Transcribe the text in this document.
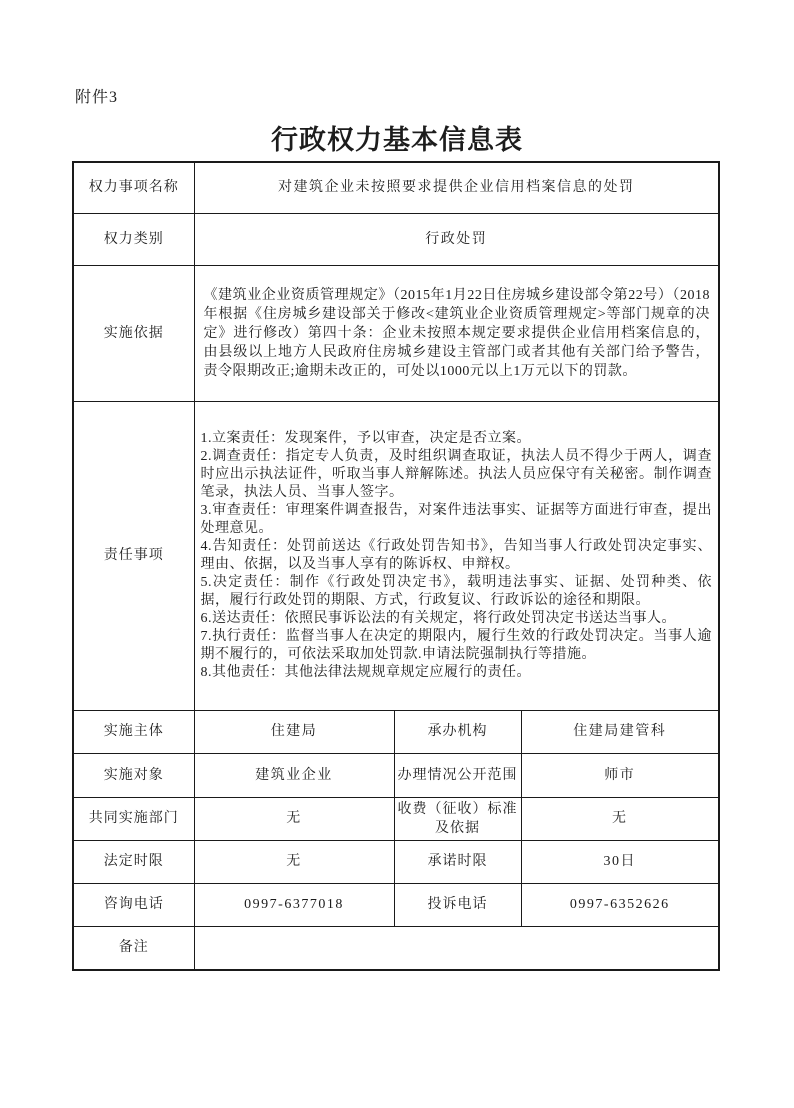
附件3
行政权力基本信息表
权力事项名称	对建筑企业未按照要求提供企业信用档案信息的处罚		
权力类别	行政处罚		
实施依据	《建筑业企业资质管理规定》（2015年1月22日住房城乡建设部令第22号）（2018年根据《住房城乡建设部关于修改<建筑业企业资质管理规定>等部门规章的决定》进行修改）第四十条：企业未按照本规定要求提供企业信用档案信息的，由县级以上地方人民政府住房城乡建设主管部门或者其他有关部门给予警告，责令限期改正;逾期未改正的，可处以1000元以上1万元以下的罚款。		
责任事项	
1.立案责任：发现案件，予以审查，决定是否立案。
2.调查责任：指定专人负责，及时组织调查取证，执法人员不得少于两人，调查时应出示执法证件，听取当事人辩解陈述。执法人员应保守有关秘密。制作调查笔录，执法人员、当事人签字。
3.审查责任：审理案件调查报告，对案件违法事实、证据等方面进行审查，提出处理意见。
4.告知责任：处罚前送达《行政处罚告知书》，告知当事人行政处罚决定事实、理由、依据，以及当事人享有的陈诉权、申辩权。
5.决定责任：制作《行政处罚决定书》，载明违法事实、证据、处罚种类、依据，履行行政处罚的期限、方式，行政复议、行政诉讼的途径和期限。
6.送达责任：依照民事诉讼法的有关规定，将行政处罚决定书送达当事人。
7.执行责任：监督当事人在决定的期限内，履行生效的行政处罚决定。当事人逾期不履行的，可依法采取加处罚款.申请法院强制执行等措施。
8.其他责任：其他法律法规规章规定应履行的责任。

实施主体	住建局	承办机构	住建局建管科
实施对象	建筑业企业	办理情况公开范围	师市
共同实施部门	无	收费（征收）标准及依据	无
法定时限	无	承诺时限	30日
咨询电话	0997-6377018	投诉电话	0997-6352626
备注			
